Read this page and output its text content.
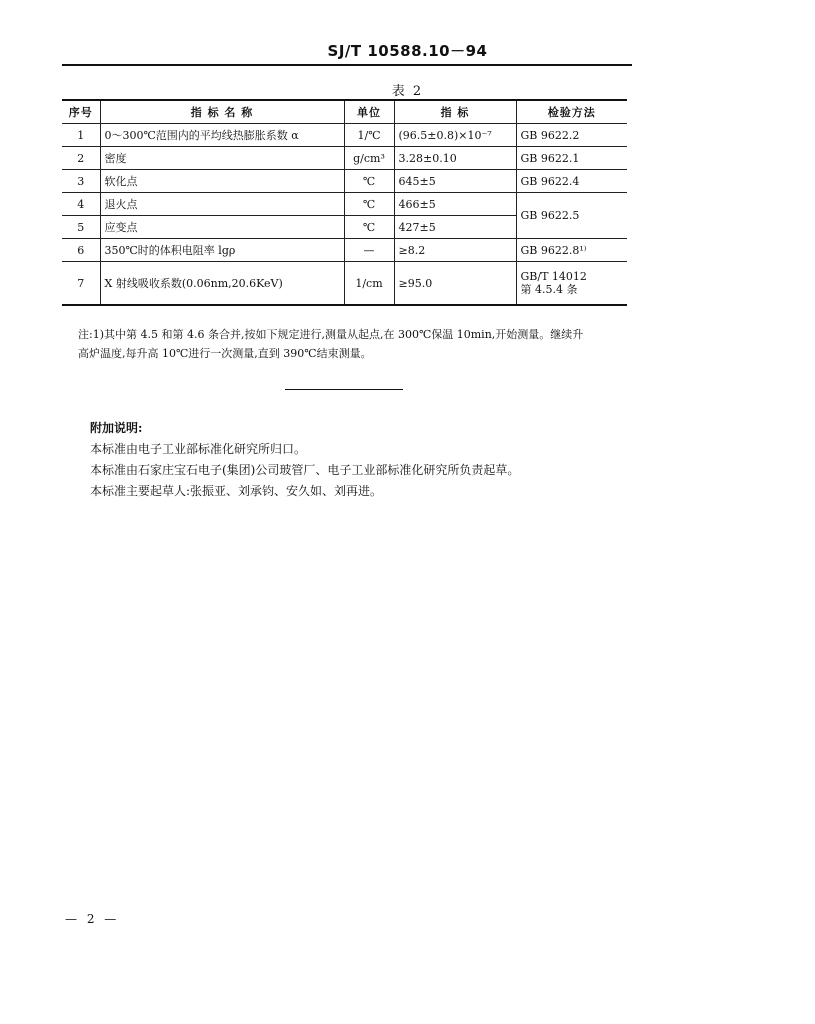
SJ/T 10588.10－94
表 2
序号	指 标 名 称	单位	指 标	检验方法
1	0～300℃范围内的平均线热膨胀系数 α	1/℃	(96.5±0.8)×10⁻⁷	GB 9622.2
2	密度	g/cm³	3.28±0.10	GB 9622.1
3	软化点	℃	645±5	GB 9622.4
4	退火点	℃	466±5	GB 9622.5
5	应变点	℃	427±5	
6	350℃时的体积电阻率 lgρ	—	≥8.2	GB 9622.8¹⁾
7	X 射线吸收系数(0.06nm,20.6KeV)	1/cm	≥95.0	GB/T 14012
第 4.5.4 条
注:1)其中第 4.5 和第 4.6 条合并,按如下规定进行,测量从起点,在 300℃保温 10min,开始测量。继续升
高炉温度,每升高 10℃进行一次测量,直到 390℃结束测量。
附加说明:
本标准由电子工业部标准化研究所归口。
本标准由石家庄宝石电子(集团)公司玻管厂、电子工业部标准化研究所负责起草。
本标准主要起草人:张振亚、刘承钧、安久如、刘再进。
— 2 —
